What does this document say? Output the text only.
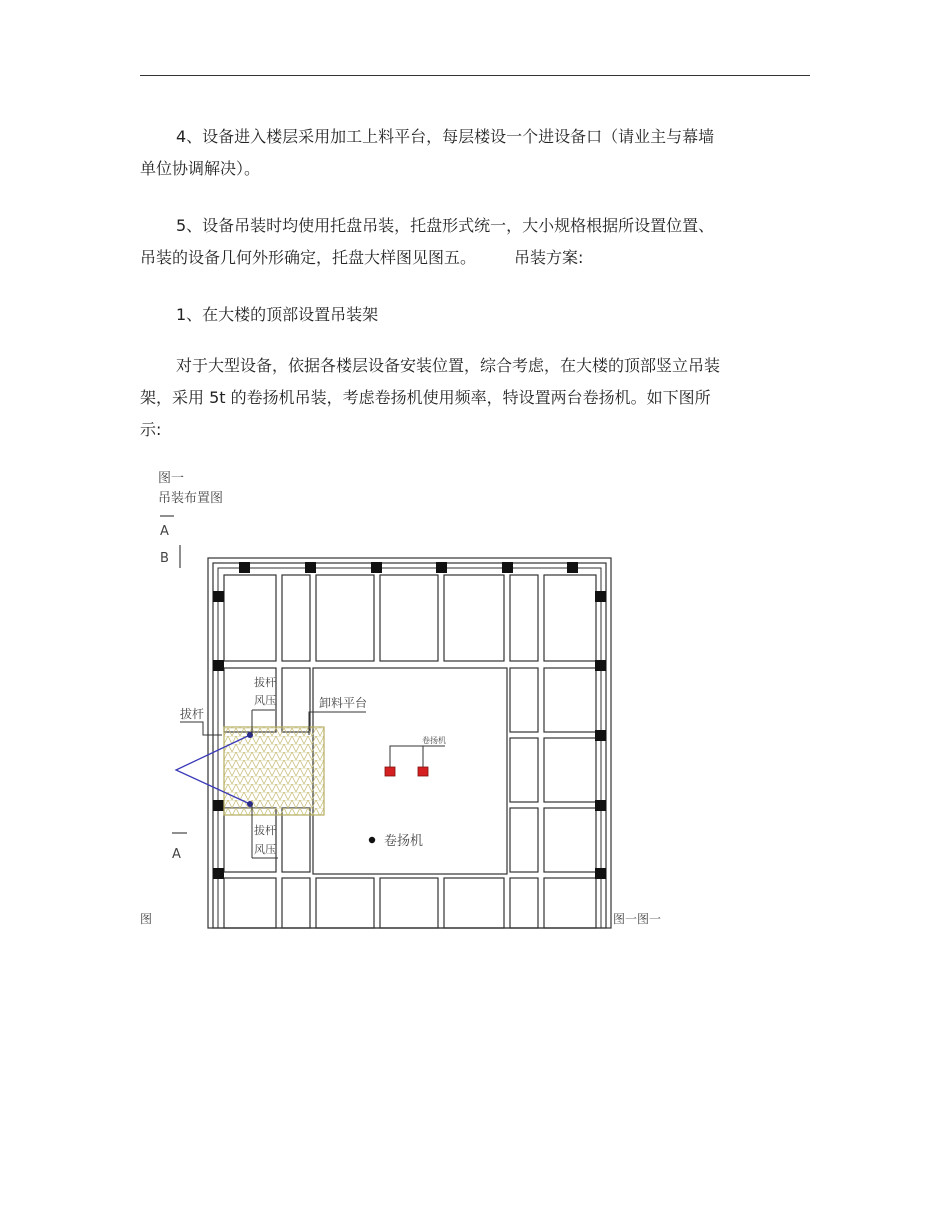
4、设备进入楼层采用加工上料平台，每层楼设一个进设备口（请业主与幕墙
单位协调解决）。

5、设备吊装时均使用托盘吊装，托盘形式统一，大小规格根据所设置位置、
吊装的设备几何外形确定，托盘大样图见图五。 吊装方案:

1、在大楼的顶部设置吊装架

对于大型设备，依据各楼层设备安装位置，综合考虑，在大楼的顶部竖立吊装
架，采用 5t 的卷扬机吊装，考虑卷扬机使用频率，特设置两台卷扬机。如下图所
示:

图一
吊装布置图
A
B
拔杆
拔杆
风压	卸料平台
拔杆
风压
卷扬机
卷扬机
A
图	图一图一
